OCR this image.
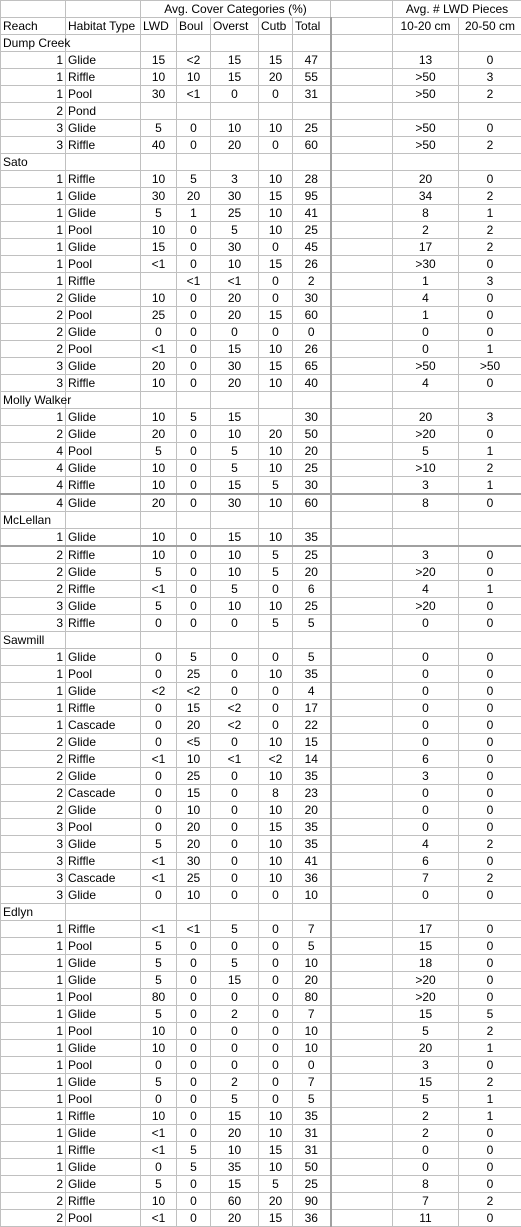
		Avg. Cover Categories (%)						Avg. # LWD Pieces	
Reach	Habitat Type	LWD	Boul	Overst	Cutb	Total		10-20 cm	20-50 cm
Dump Creek									
1	Glide	15	<2	15	15	47		13	0
1	Riffle	10	10	15	20	55		>50	3
1	Pool	30	<1	0	0	31		>50	2
2	Pond								
3	Glide	5	0	10	10	25		>50	0
3	Riffle	40	0	20	0	60		>50	2
Sato									
1	Riffle	10	5	3	10	28		20	0
1	Glide	30	20	30	15	95		34	2
1	Glide	5	1	25	10	41		8	1
1	Pool	10	0	5	10	25		2	2
1	Glide	15	0	30	0	45		17	2
1	Pool	<1	0	10	15	26		>30	0
1	Riffle		<1	<1	0	2		1	3
2	Glide	10	0	20	0	30		4	0
2	Pool	25	0	20	15	60		1	0
2	Glide	0	0	0	0	0		0	0
2	Pool	<1	0	15	10	26		0	1
3	Glide	20	0	30	15	65		>50	>50
3	Riffle	10	0	20	10	40		4	0
Molly Walker									
1	Glide	10	5	15		30		20	3
2	Glide	20	0	10	20	50		>20	0
4	Pool	5	0	5	10	20		5	1
4	Glide	10	0	5	10	25		>10	2
4	Riffle	10	0	15	5	30		3	1
4	Glide	20	0	30	10	60		8	0
McLellan									
1	Glide	10	0	15	10	35			
2	Riffle	10	0	10	5	25		3	0
2	Glide	5	0	10	5	20		>20	0
2	Riffle	<1	0	5	0	6		4	1
3	Glide	5	0	10	10	25		>20	0
3	Riffle	0	0	0	5	5		0	0
Sawmill									
1	Glide	0	5	0	0	5		0	0
1	Pool	0	25	0	10	35		0	0
1	Glide	<2	<2	0	0	4		0	0
1	Riffle	0	15	<2	0	17		0	0
1	Cascade	0	20	<2	0	22		0	0
2	Glide	0	<5	0	10	15		0	0
2	Riffle	<1	10	<1	<2	14		6	0
2	Glide	0	25	0	10	35		3	0
2	Cascade	0	15	0	8	23		0	0
2	Glide	0	10	0	10	20		0	0
3	Pool	0	20	0	15	35		0	0
3	Glide	5	20	0	10	35		4	2
3	Riffle	<1	30	0	10	41		6	0
3	Cascade	<1	25	0	10	36		7	2
3	Glide	0	10	0	0	10		0	0
Edlyn									
1	Riffle	<1	<1	5	0	7		17	0
1	Pool	5	0	0	0	5		15	0
1	Glide	5	0	5	0	10		18	0
1	Glide	5	0	15	0	20		>20	0
1	Pool	80	0	0	0	80		>20	0
1	Glide	5	0	2	0	7		15	5
1	Pool	10	0	0	0	10		5	2
1	Glide	10	0	0	0	10		20	1
1	Pool	0	0	0	0	0		3	0
1	Glide	5	0	2	0	7		15	2
1	Pool	0	0	5	0	5		5	1
1	Riffle	10	0	15	10	35		2	1
1	Glide	<1	0	20	10	31		2	0
1	Riffle	<1	5	10	15	31		0	0
1	Glide	0	5	35	10	50		0	0
2	Glide	5	0	15	5	25		8	0
2	Riffle	10	0	60	20	90		7	2
2	Pool	<1	0	20	15	36		11	0
